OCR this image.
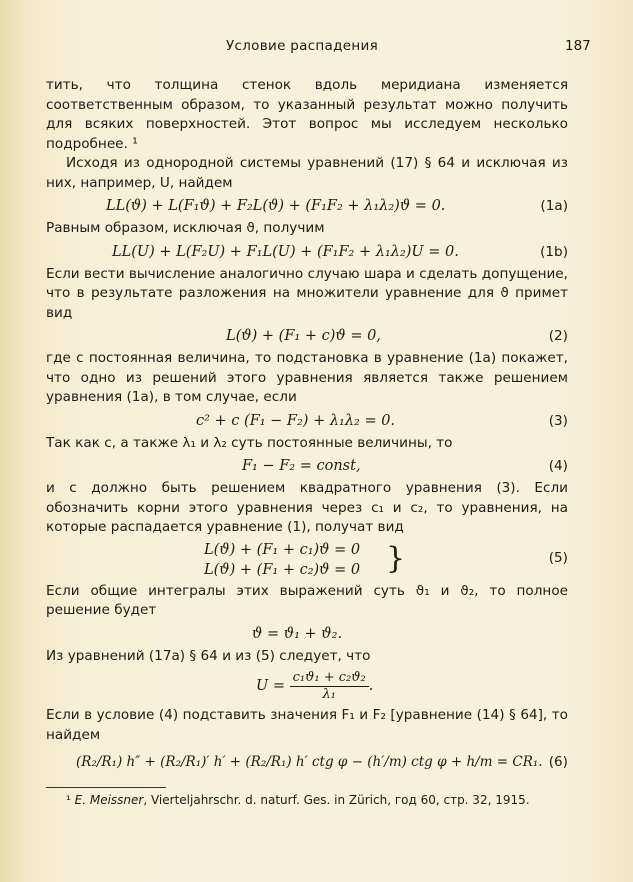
Условие распадения	187
тить, что толщина стенок вдоль меридиана изменяется соответственным образом, то указанный результат можно получить для всяких поверхностей. Этот вопрос мы исследуем несколько подробнее. ¹
Исходя из однородной системы уравнений (17) § 64 и исключая из них, например, U, найдем
LL(ϑ) + L(F₁ϑ) + F₂L(ϑ) + (F₁F₂ + λ₁λ₂)ϑ = 0.	(1a)
Равным образом, исключая ϑ, получим
LL(U) + L(F₂U) + F₁L(U) + (F₁F₂ + λ₁λ₂)U = 0.	(1b)
Если вести вычисление аналогично случаю шара и сделать допущение, что в результате разложения на множители уравнение для ϑ примет вид
L(ϑ) + (F₁ + c)ϑ = 0,	(2)
где c постоянная величина, то подстановка в уравнение (1a) покажет, что одно из решений этого уравнения является также решением уравнения (1a), в том случае, если
c² + c (F₁ − F₂) + λ₁λ₂ = 0.	(3)
Так как c, а также λ₁ и λ₂ суть постоянные величины, то
F₁ − F₂ = const,	(4)
и c должно быть решением квадратного уравнения (3). Если обозначить корни этого уравнения через c₁ и c₂, то уравнения, на которые распадается уравнение (1), получат вид
L(ϑ) + (F₁ + c₁)ϑ = 0
L(ϑ) + (F₁ + c₂)ϑ = 0 }	(5)
Если общие интегралы этих выражений суть ϑ₁ и ϑ₂, то полное решение будет
ϑ = ϑ₁ + ϑ₂.
Из уравнений (17a) § 64 и из (5) следует, что
$U = \frac{\text{c₁ϑ₁ + c₂ϑ₂}}{\text{λ₁}}$ .
Если в условие (4) подставить значения F₁ и F₂ [уравнение (14) § 64], то найдем
(R₂/R₁) h″ + (R₂/R₁)′ h′ + (R₂/R₁) h′ ctg φ − (h′/m) ctg φ + h/m = CR₁. (6)
¹ E. Meissner, Vierteljahrschr. d. naturf. Ges. in Zürich, год 60, стр. 32, 1915.
